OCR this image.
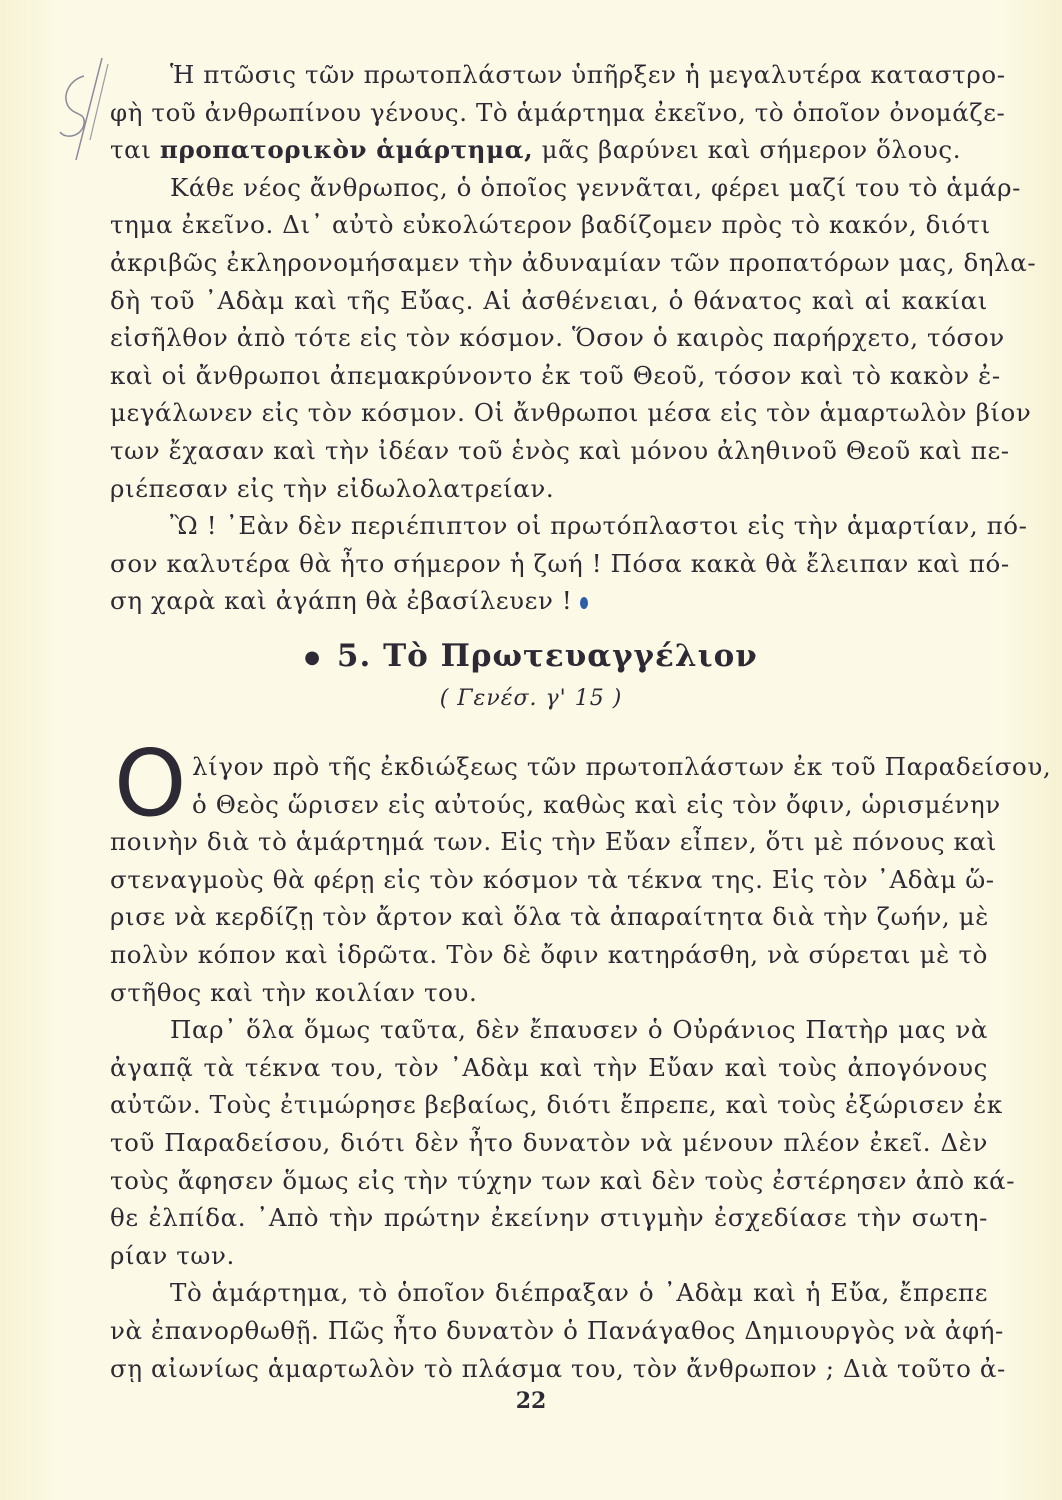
Ἡ πτῶσις τῶν πρωτοπλάστων ὑπῆρξεν ἡ μεγαλυτέρα καταστρο-
φὴ τοῦ ἀνθρωπίνου γένους. Τὸ ἁμάρτημα ἐκεῖνο, τὸ ὁποῖον ὀνομάζε-
ται προπατορικὸν ἁμάρτημα, μᾶς βαρύνει καὶ σήμερον ὅλους.
Κάθε νέος ἄνθρωπος, ὁ ὁποῖος γεννᾶται, φέρει μαζί του τὸ ἁμάρ-
τημα ἐκεῖνο. Δι᾿ αὐτὸ εὐκολώτερον βαδίζομεν πρὸς τὸ κακόν, διότι
ἀκριβῶς ἐκληρονομήσαμεν τὴν ἀδυναμίαν τῶν προπατόρων μας, δηλα-
δὴ τοῦ ᾿Αδὰμ καὶ τῆς Εὔας. Αἱ ἀσθένειαι, ὁ θάνατος καὶ αἱ κακίαι
εἰσῆλθον ἀπὸ τότε εἰς τὸν κόσμον. Ὅσον ὁ καιρὸς παρήρχετο, τόσον
καὶ οἱ ἄνθρωποι ἀπεμακρύνοντο ἐκ τοῦ Θεοῦ, τόσον καὶ τὸ κακὸν ἐ-
μεγάλωνεν εἰς τὸν κόσμον. Οἱ ἄνθρωποι μέσα εἰς τὸν ἁμαρτωλὸν βίον
των ἔχασαν καὶ τὴν ἰδέαν τοῦ ἑνὸς καὶ μόνου ἀληθινοῦ Θεοῦ καὶ πε-
ριέπεσαν εἰς τὴν εἰδωλολατρείαν.
Ὢ ! ᾿Εὰν δὲν περιέπιπτον οἱ πρωτόπλαστοι εἰς τὴν ἁμαρτίαν, πό-
σον καλυτέρα θὰ ἦτο σήμερον ἡ ζωή ! Πόσα κακὰ θὰ ἔλειπαν καὶ πό-
ση χαρὰ καὶ ἀγάπη θὰ ἐβασίλευεν !
● 5. Τὸ Πρωτευαγγέλιον
( Γενέσ. γ' 15 )
O λίγον πρὸ τῆς ἐκδιώξεως τῶν πρωτοπλάστων ἐκ τοῦ Παραδείσου,
ὁ Θεὸς ὥρισεν εἰς αὐτούς, καθὼς καὶ εἰς τὸν ὄφιν, ὡρισμένην
ποινὴν διὰ τὸ ἁμάρτημά των. Εἰς τὴν Εὔαν εἶπεν, ὅτι μὲ πόνους καὶ
στεναγμοὺς θὰ φέρῃ εἰς τὸν κόσμον τὰ τέκνα της. Εἰς τὸν ᾿Αδὰμ ὥ-
ρισε νὰ κερδίζῃ τὸν ἄρτον καὶ ὅλα τὰ ἀπαραίτητα διὰ τὴν ζωήν, μὲ
πολὺν κόπον καὶ ἱδρῶτα. Τὸν δὲ ὄφιν κατηράσθη, νὰ σύρεται μὲ τὸ
στῆθος καὶ τὴν κοιλίαν του.
Παρ᾿ ὅλα ὅμως ταῦτα, δὲν ἔπαυσεν ὁ Οὐράνιος Πατὴρ μας νὰ
ἀγαπᾷ τὰ τέκνα του, τὸν ᾿Αδὰμ καὶ τὴν Εὔαν καὶ τοὺς ἀπογόνους
αὐτῶν. Τοὺς ἐτιμώρησε βεβαίως, διότι ἔπρεπε, καὶ τοὺς ἐξώρισεν ἐκ
τοῦ Παραδείσου, διότι δὲν ἦτο δυνατὸν νὰ μένουν πλέον ἐκεῖ. Δὲν
τοὺς ἄφησεν ὅμως εἰς τὴν τύχην των καὶ δὲν τοὺς ἐστέρησεν ἀπὸ κά-
θε ἐλπίδα. ᾿Απὸ τὴν πρώτην ἐκείνην στιγμὴν ἐσχεδίασε τὴν σωτη-
ρίαν των.
Τὸ ἁμάρτημα, τὸ ὁποῖον διέπραξαν ὁ ᾿Αδὰμ καὶ ἡ Εὔα, ἔπρεπε
νὰ ἐπανορθωθῇ. Πῶς ἦτο δυνατὸν ὁ Πανάγαθος Δημιουργὸς νὰ ἀφή-
σῃ αἰωνίως ἁμαρτωλὸν τὸ πλάσμα του, τὸν ἄνθρωπον ; Διὰ τοῦτο ἀ-
22
